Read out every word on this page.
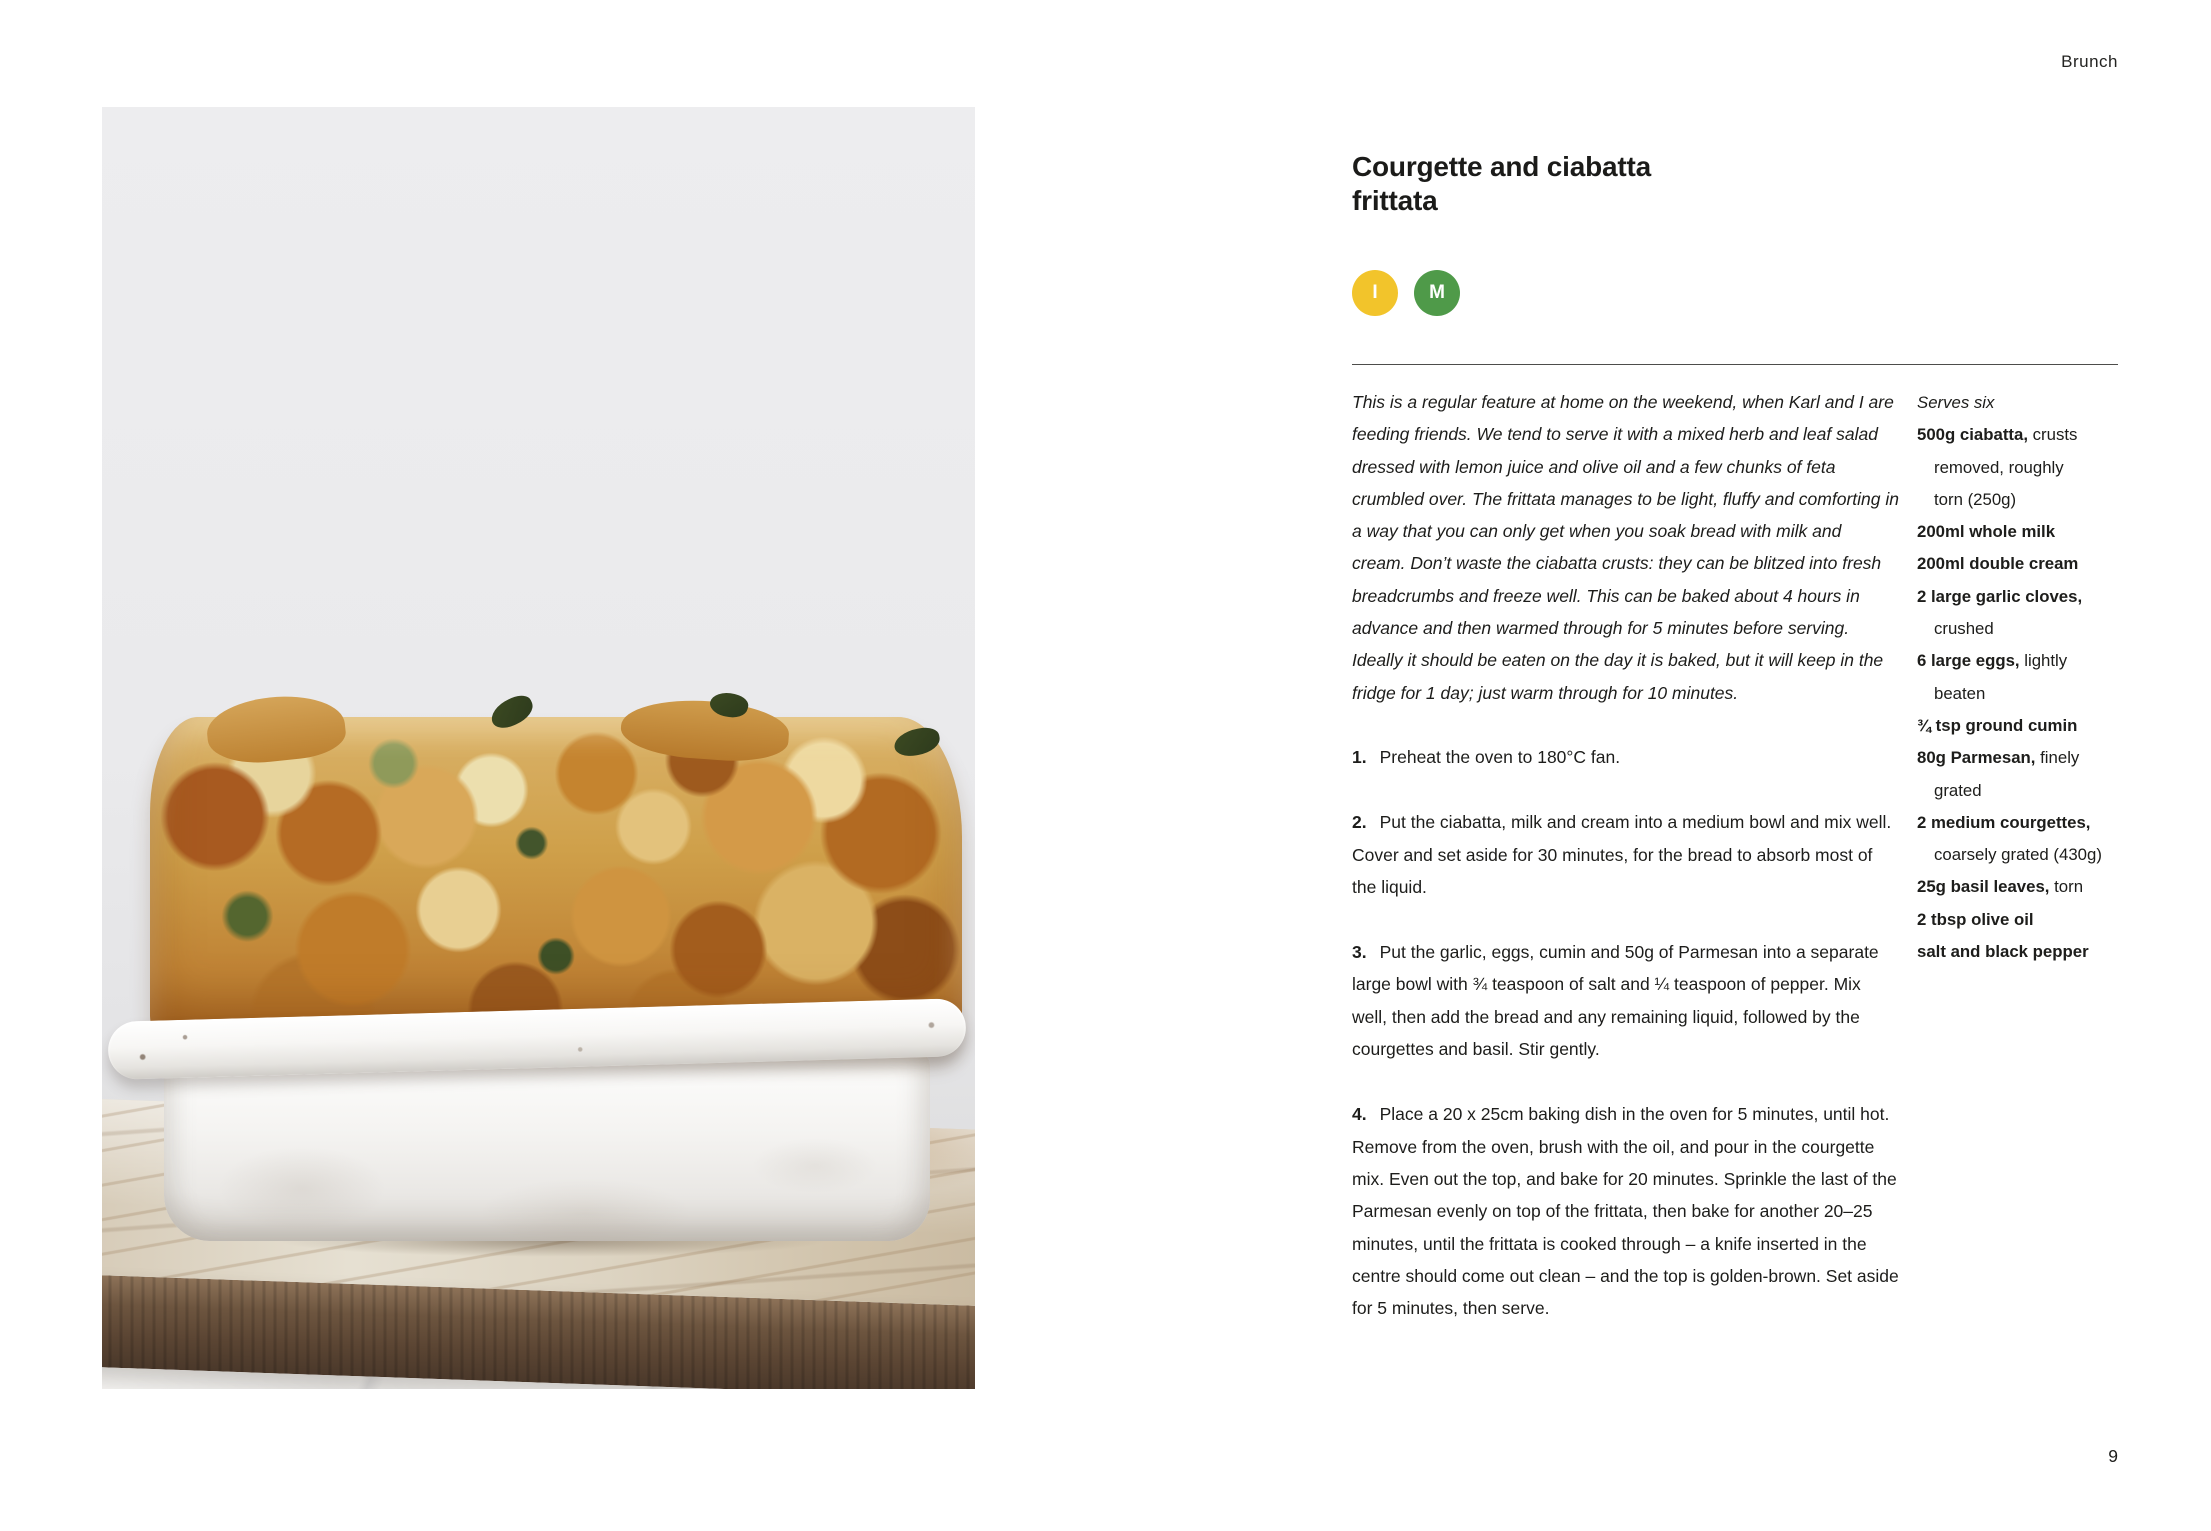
Brunch
Courgette and ciabatta
frittata
I	M

This is a regular feature at home on the weekend, when Karl and I are feeding friends. We tend to serve it with a mixed herb and leaf salad dressed with lemon juice and olive oil and a few chunks of feta crumbled over. The frittata manages to be light, fluffy and comforting in a way that you can only get when you soak bread with milk and cream. Don’t waste the ciabatta crusts: they can be blitzed into fresh breadcrumbs and freeze well. This can be baked about 4 hours in advance and then warmed through for 5 minutes before serving. Ideally it should be eaten on the day it is baked, but it will keep in the fridge for 1 day; just warm through for 10 minutes.

1. Preheat the oven to 180°C fan.

2. Put the ciabatta, milk and cream into a medium bowl and mix well. Cover and set aside for 30 minutes, for the bread to absorb most of the liquid.

3. Put the garlic, eggs, cumin and 50g of Parmesan into a separate large bowl with ¾ teaspoon of salt and ¼ teaspoon of pepper. Mix well, then add the bread and any remaining liquid, followed by the courgettes and basil. Stir gently.

4. Place a 20 x 25cm baking dish in the oven for 5 minutes, until hot. Remove from the oven, brush with the oil, and pour in the courgette mix. Even out the top, and bake for 20 minutes. Sprinkle the last of the Parmesan evenly on top of the frittata, then bake for another 20–25 minutes, until the frittata is cooked through – a knife inserted in the centre should come out clean – and the top is golden-brown. Set aside for 5 minutes, then serve.

Serves six
500g ciabatta, crusts
removed, roughly
torn (250g)
200ml whole milk
200ml double cream
2 large garlic cloves,
crushed
6 large eggs, lightly
beaten
¾ tsp ground cumin
80g Parmesan, finely
grated
2 medium courgettes,
coarsely grated (430g)
25g basil leaves, torn
2 tbsp olive oil
salt and black pepper
9
